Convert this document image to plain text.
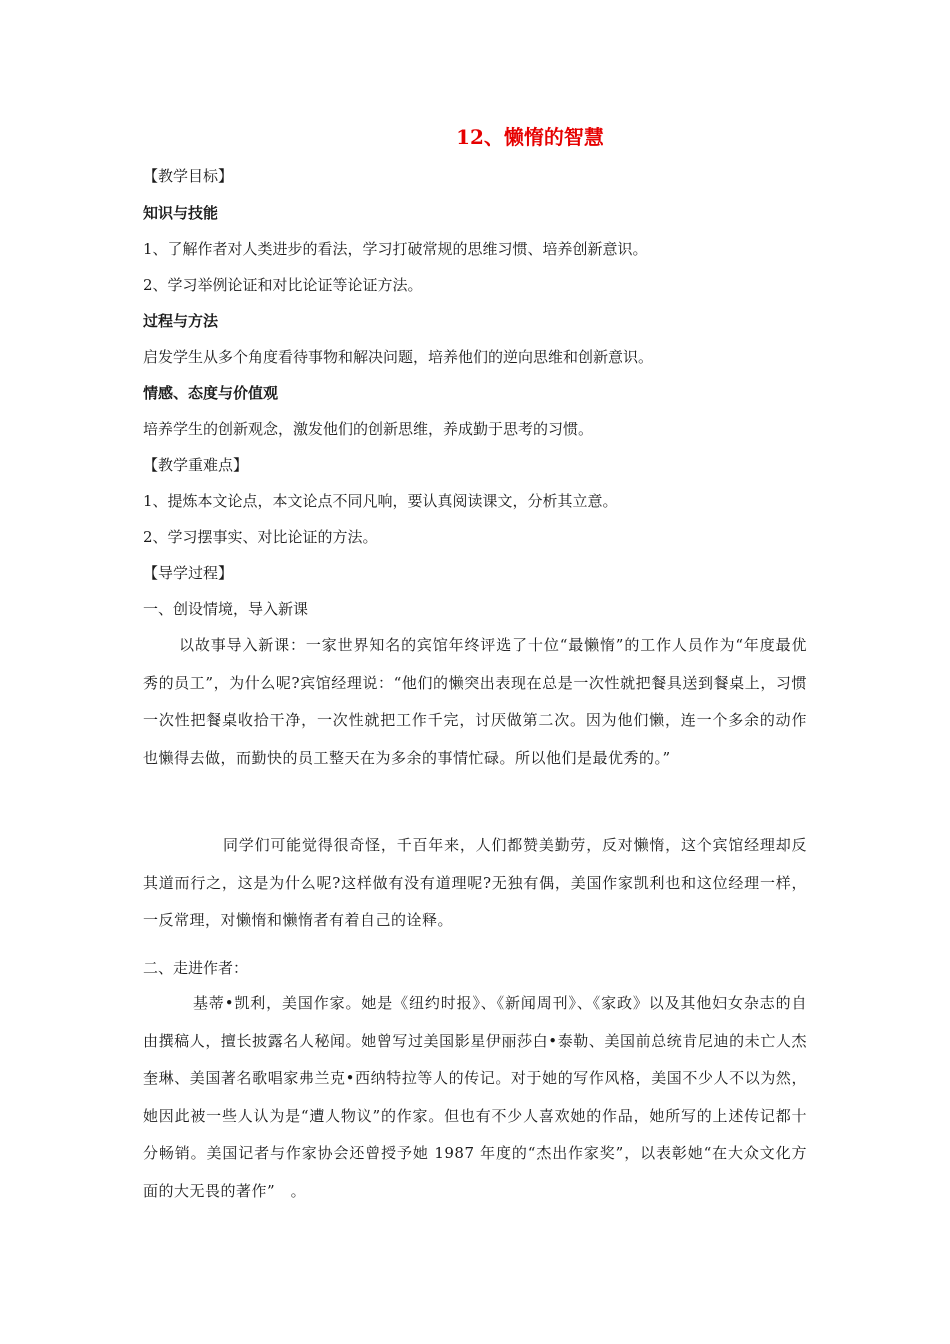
12、懒惰的智慧
【教学目标】
知识与技能
1、了解作者对人类进步的看法，学习打破常规的思维习惯、培养创新意识。
2、学习举例论证和对比论证等论证方法。
过程与方法
启发学生从多个角度看待事物和解决问题，培养他们的逆向思维和创新意识。
情感、态度与价值观
培养学生的创新观念，激发他们的创新思维，养成勤于思考的习惯。
【教学重难点】
1、提炼本文论点，本文论点不同凡响，要认真阅读课文，分析其立意。
2、学习摆事实、对比论证的方法。
【导学过程】
一、创设情境，导入新课
以故事导入新课：一家世界知名的宾馆年终评选了十位“最懒惰”的工作人员作为“年度最优秀的员工”，为什么呢?宾馆经理说：“他们的懒突出表现在总是一次性就把餐具送到餐桌上，习惯一次性把餐桌收拾干净，一次性就把工作千完，讨厌做第二次。因为他们懒，连一个多余的动作也懒得去做，而勤快的员工整天在为多余的事情忙碌。所以他们是最优秀的。”
同学们可能觉得很奇怪，千百年来，人们都赞美勤劳，反对懒惰，这个宾馆经理却反其道而行之，这是为什么呢?这样做有没有道理呢?无独有偶，美国作家凯利也和这位经理一样，一反常理，对懒惰和懒惰者有着自己的诠释。
二、走进作者：
基蒂•凯利，美国作家。她是《纽约时报》、《新闻周刊》、《家政》以及其他妇女杂志的自由撰稿人，擅长披露名人秘闻。她曾写过美国影星伊丽莎白•泰勒、美国前总统肯尼迪的未亡人杰奎琳、美国著名歌唱家弗兰克•西纳特拉等人的传记。对于她的写作风格，美国不少人不以为然，她因此被一些人认为是“遭人物议”的作家。但也有不少人喜欢她的作品，她所写的上述传记都十分畅销。美国记者与作家协会还曾授予她 1987 年度的“杰出作家奖”，以表彰她“在大众文化方面的大无畏的著作”　。
